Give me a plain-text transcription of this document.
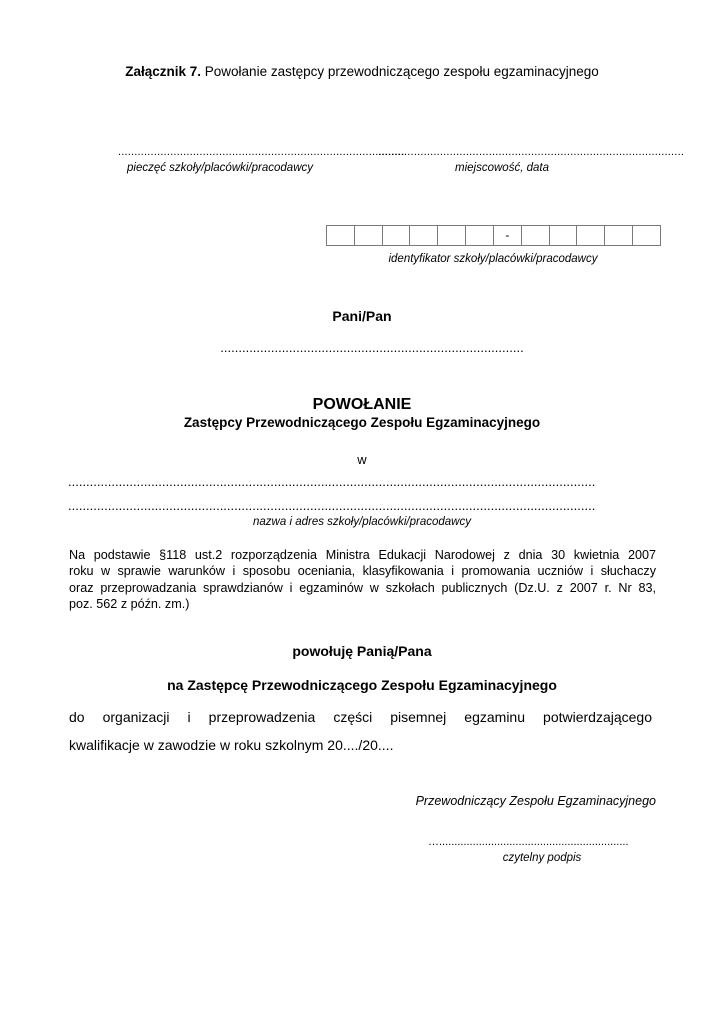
Załącznik 7. Powołanie zastępcy przewodniczącego zespołu egzaminacyjnego
........................................................................................
pieczęć szkoły/placówki/pracodawcy
..............................................................................................
miejscowość, data
-
identyfikator szkoły/placówki/pracodawcy
Pani/Pan
....................................................................................
POWOŁANIE
Zastępcy Przewodniczącego Zespołu Egzaminacyjnego
w
..................................................................................................................................................
..................................................................................................................................................
nazwa i adres szkoły/placówki/pracodawcy
Na podstawie §118 ust.2 rozporządzenia Ministra Edukacji Narodowej z dnia 30 kwietnia 2007
roku w sprawie warunków i sposobu oceniania, klasyfikowania i promowania uczniów i słuchaczy
oraz przeprowadzania sprawdzianów i egzaminów w szkołach publicznych (Dz.U. z 2007 r. Nr 83,
poz. 562 z późn. zm.)
powołuję Panią/Pana
na Zastępcę Przewodniczącego Zespołu Egzaminacyjnego
do organizacji i przeprowadzenia części pisemnej egzaminu potwierdzającego
kwalifikacje w zawodzie w roku szkolnym 20..../20....
Przewodniczący Zespołu Egzaminacyjnego
…..............................................................
czytelny podpis
